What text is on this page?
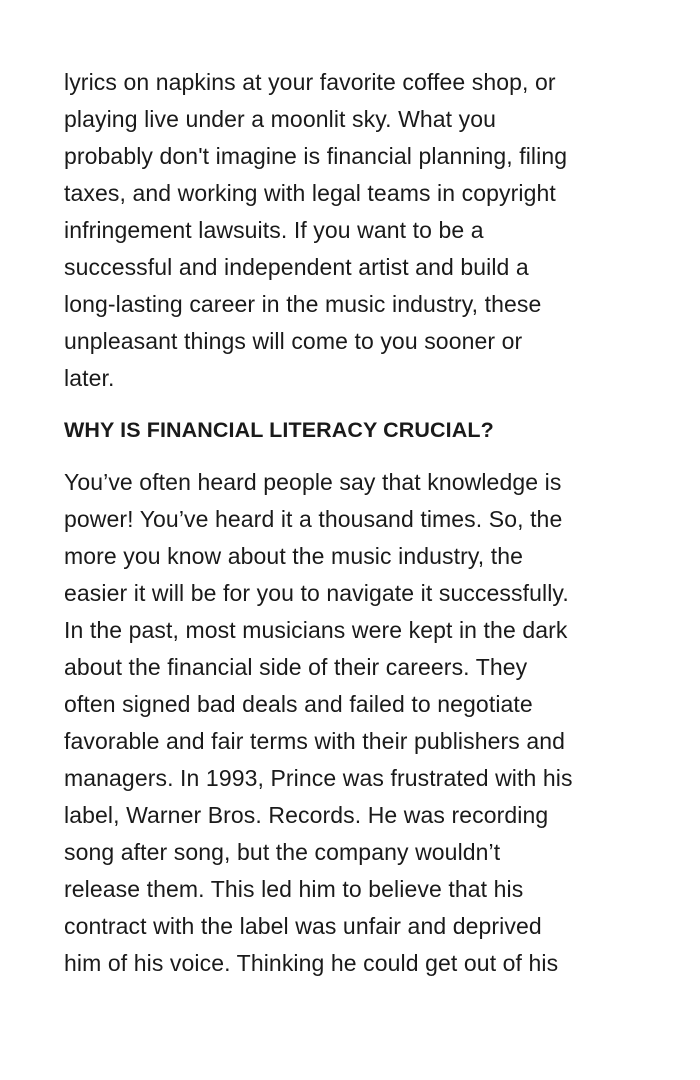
lyrics on napkins at your favorite coffee shop, or
playing live under a moonlit sky. What you
probably don't imagine is financial planning, filing
taxes, and working with legal teams in copyright
infringement lawsuits. If you want to be a
successful and independent artist and build a
long-lasting career in the music industry, these
unpleasant things will come to you sooner or
later.

WHY IS FINANCIAL LITERACY CRUCIAL?

You’ve often heard people say that knowledge is
power! You’ve heard it a thousand times. So, the
more you know about the music industry, the
easier it will be for you to navigate it successfully.
In the past, most musicians were kept in the dark
about the financial side of their careers. They
often signed bad deals and failed to negotiate
favorable and fair terms with their publishers and
managers. In 1993, Prince was frustrated with his
label, Warner Bros. Records. He was recording
song after song, but the company wouldn’t
release them. This led him to believe that his
contract with the label was unfair and deprived
him of his voice. Thinking he could get out of his
